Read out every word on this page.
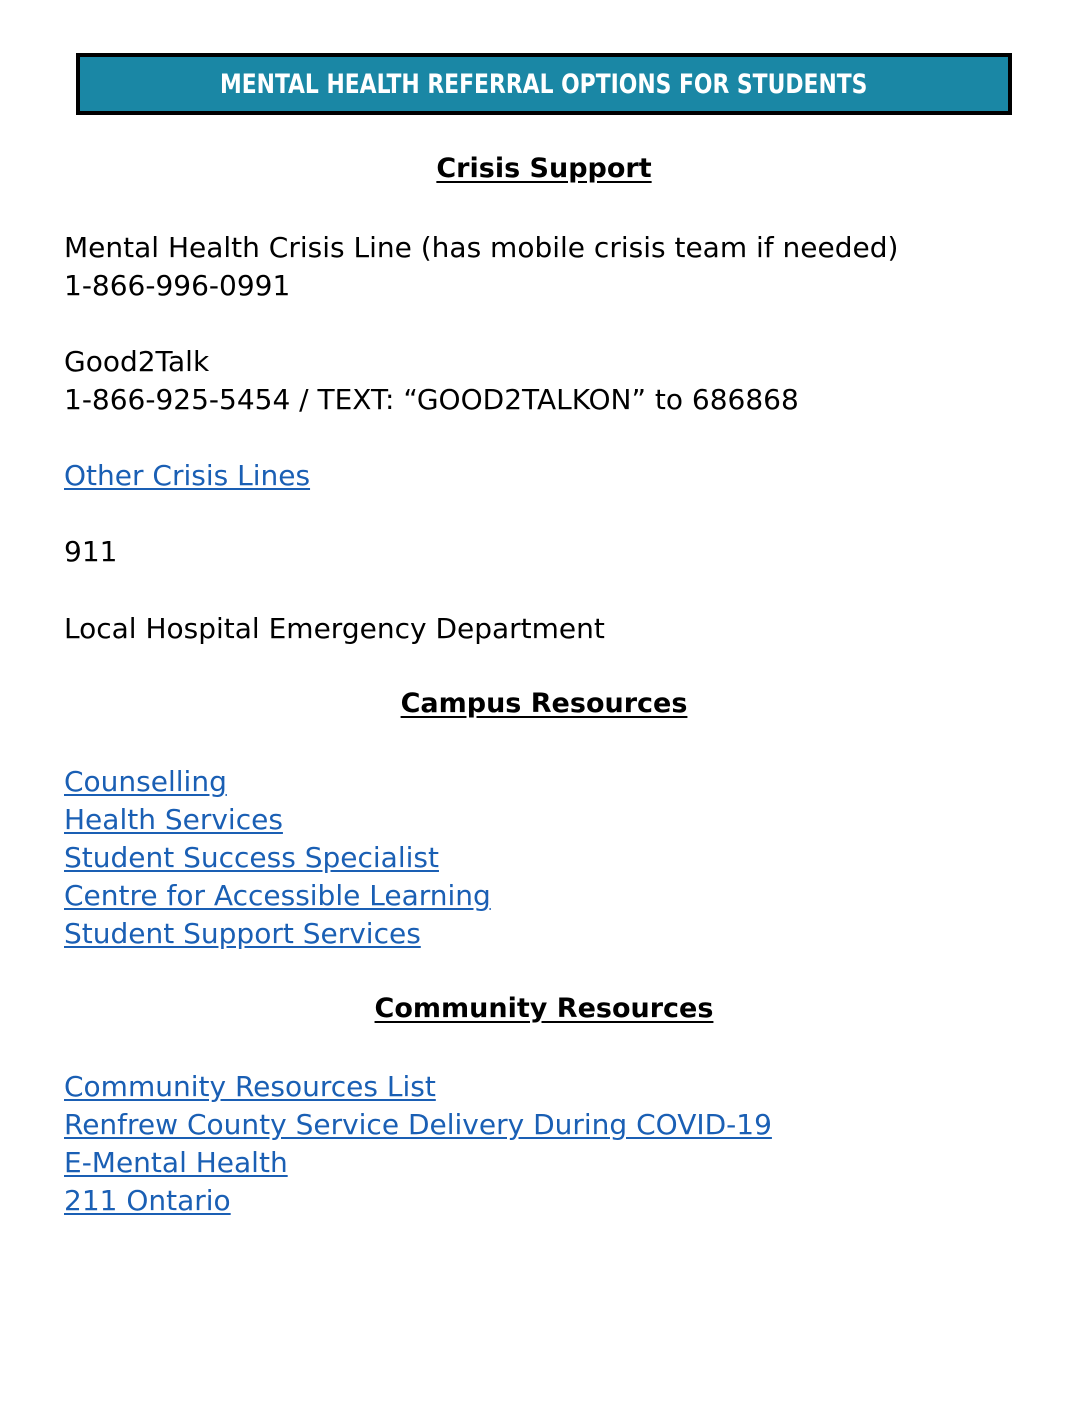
MENTAL HEALTH REFERRAL OPTIONS FOR STUDENTS
Crisis Support
Mental Health Crisis Line (has mobile crisis team if needed)
1-866-996-0991
Good2Talk
1-866-925-5454 / TEXT: “GOOD2TALKON” to 686868
Other Crisis Lines
911
Local Hospital Emergency Department
Campus Resources
Counselling
Health Services
Student Success Specialist
Centre for Accessible Learning
Student Support Services
Community Resources
Community Resources List
Renfrew County Service Delivery During COVID-19
E-Mental Health
211 Ontario
